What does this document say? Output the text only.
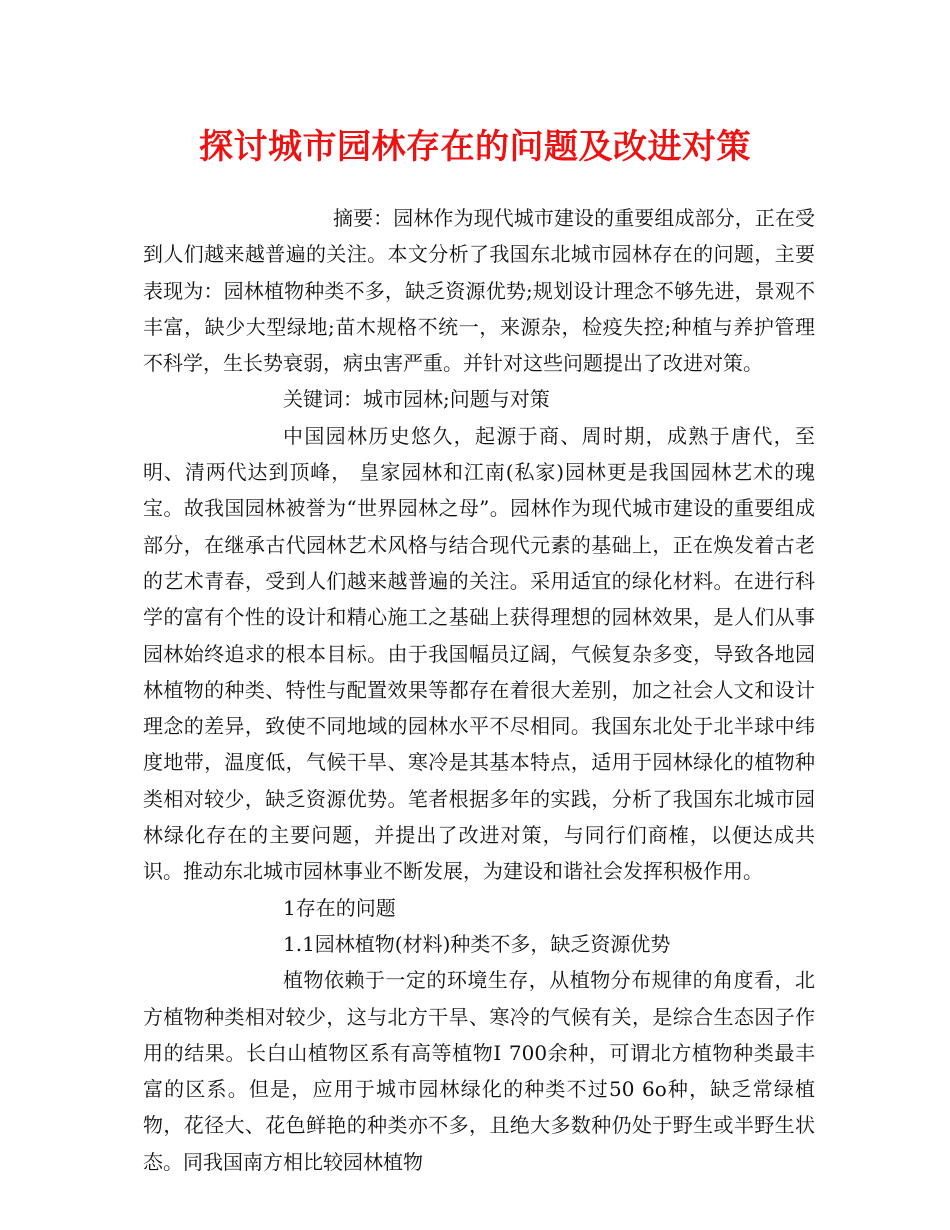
探讨城市园林存在的问题及改进对策

摘要：园林作为现代城市建设的重要组成部分，正在受到人们越来越普遍的关注。本文分析了我国东北城市园林存在的问题，主要表现为：园林植物种类不多，缺乏资源优势;规划设计理念不够先进，景观不丰富，缺少大型绿地;苗木规格不统一，来源杂，检疫失控;种植与养护管理不科学，生长势衰弱，病虫害严重。并针对这些问题提出了改进对策。

关键词：城市园林;问题与对策

中国园林历史悠久，起源于商、周时期，成熟于唐代，至明、清两代达到顶峰， 皇家园林和江南(私家)园林更是我国园林艺术的瑰宝。故我国园林被誉为“世界园林之母”。园林作为现代城市建设的重要组成部分，在继承古代园林艺术风格与结合现代元素的基础上，正在焕发着古老的艺术青春，受到人们越来越普遍的关注。采用适宜的绿化材料。在进行科学的富有个性的设计和精心施工之基础上获得理想的园林效果，是人们从事园林始终追求的根本目标。由于我国幅员辽阔，气候复杂多变，导致各地园林植物的种类、特性与配置效果等都存在着很大差别，加之社会人文和设计理念的差异，致使不同地域的园林水平不尽相同。我国东北处于北半球中纬度地带，温度低，气候干旱、寒冷是其基本特点，适用于园林绿化的植物种类相对较少，缺乏资源优势。笔者根据多年的实践，分析了我国东北城市园林绿化存在的主要问题，并提出了改进对策，与同行们商榷，以便达成共识。推动东北城市园林事业不断发展，为建设和谐社会发挥积极作用。

1存在的问题

1.1园林植物(材料)种类不多，缺乏资源优势

植物依赖于一定的环境生存，从植物分布规律的角度看，北方植物种类相对较少，这与北方干旱、寒冷的气候有关，是综合生态因子作用的结果。长白山植物区系有高等植物Ⅰ 700余种，可谓北方植物种类最丰富的区系。但是，应用于城市园林绿化的种类不过50 6o种，缺乏常绿植物，花径大、花色鲜艳的种类亦不多，且绝大多数种仍处于野生或半野生状态。同我国南方相比较园林植物
